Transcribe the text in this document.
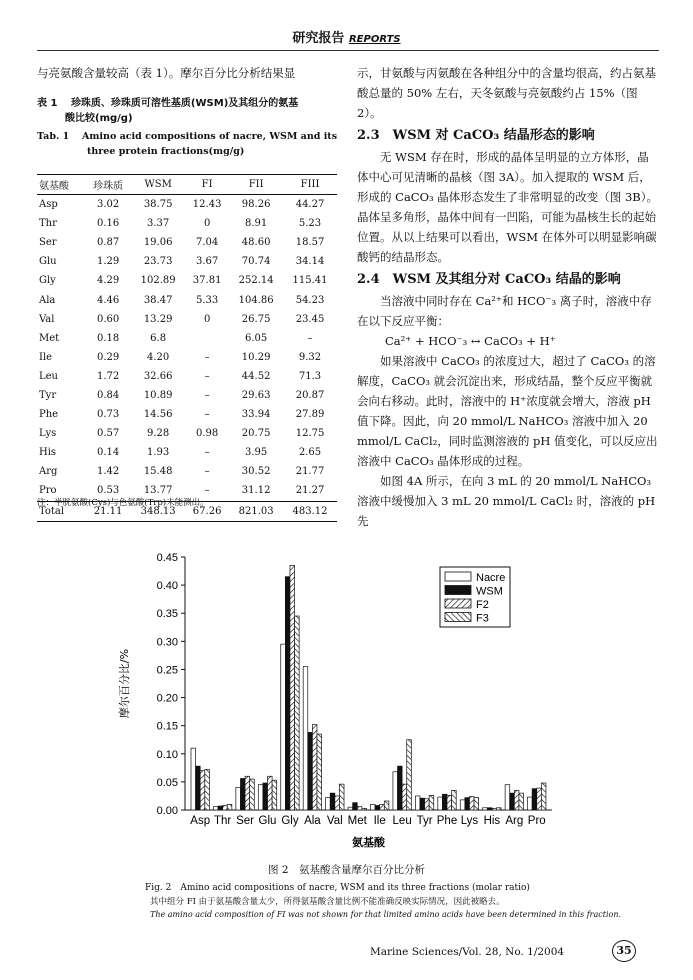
研究报告 REPORTS
与亮氨酸含量较高（表 1）。摩尔百分比分析结果显
表 1　 珍珠质、珍珠质可溶性基质(WSM)及其组分的氨基
酸比较(mg/g)
Tab. 1　 Amino acid compositions of nacre, WSM and its
three protein fractions(mg/g)
氨基酸	珍珠质	WSM	FI	FII	FIII
Asp	3.02	38.75	12.43	98.26	44.27
Thr	0.16	3.37	0	8.91	5.23
Ser	0.87	19.06	7.04	48.60	18.57
Glu	1.29	23.73	3.67	70.74	34.14
Gly	4.29	102.89	37.81	252.14	115.41
Ala	4.46	38.47	5.33	104.86	54.23
Val	0.60	13.29	0	26.75	23.45
Met	0.18	6.8		6.05	–
Ile	0.29	4.20	–	10.29	9.32
Leu	1.72	32.66	–	44.52	71.3
Tyr	0.84	10.89	–	29.63	20.87
Phe	0.73	14.56	–	33.94	27.89
Lys	0.57	9.28	0.98	20.75	12.75
His	0.14	1.93	–	3.95	2.65
Arg	1.42	15.48	–	30.52	21.77
Pro	0.53	13.77	–	31.12	21.27
Total	21.11	348.13	67.26	821.03	483.12
注：半胱氨酸(Cys)与色氨酸(Trp)未能测出。

示，甘氨酸与丙氨酸在各种组分中的含量均很高，约占氨基酸总量的 50% 左右，天冬氨酸与亮氨酸约占 15%（图 2）。

2.3　WSM 对 CaCO₃ 结晶形态的影响

无 WSM 存在时，形成的晶体呈明显的立方体形，晶体中心可见清晰的晶核（图 3A）。加入提取的 WSM 后，形成的 CaCO₃ 晶体形态发生了非常明显的改变（图 3B）。晶体呈多角形，晶体中间有一凹陷，可能为晶核生长的起始位置。从以上结果可以看出，WSM 在体外可以明显影响碳酸钙的结晶形态。

2.4　WSM 及其组分对 CaCO₃ 结晶的影响

当溶液中同时存在 Ca²⁺和 HCO⁻₃ 离子时，溶液中存在以下反应平衡：

Ca²⁺ + HCO⁻₃ ↔ CaCO₃ + H⁺

如果溶液中 CaCO₃ 的浓度过大，超过了 CaCO₃ 的溶解度，CaCO₃ 就会沉淀出来，形成结晶，整个反应平衡就会向右移动。此时，溶液中的 H⁺浓度就会增大，溶液 pH 值下降。因此，向 20 mmol/L NaHCO₃ 溶液中加入 20 mmol/L CaCl₂，同时监测溶液的 pH 值变化，可以反应出溶液中 CaCO₃ 晶体形成的过程。

如图 4A 所示，在向 3 mL 的 20 mmol/L NaHCO₃ 溶液中缓慢加入 3 mL 20 mmol/L CaCl₂ 时，溶液的 pH 先

0.00
0.05
0.10
0.15
0.20
0.25
0.30
0.35
0.40
0.45
摩尔百分比/%
Asp Thr Ser Glu Gly Ala Val Met Ile Leu Tyr Phe Lys His Arg Pro
氨基酸
Nacre
WSM
F2
F3
图 2　氨基酸含量摩尔百分比分析
Fig. 2　Amino acid compositions of nacre, WSM and its three fractions (molar ratio)
其中组分 FI 由于氨基酸含量太少，所得氨基酸含量比例不能准确反映实际情况，因此被略去。
The amino acid composition of FI was not shown for that limited amino acids have been determined in this fraction.
Marine Sciences/Vol. 28, No. 1/2004	35
